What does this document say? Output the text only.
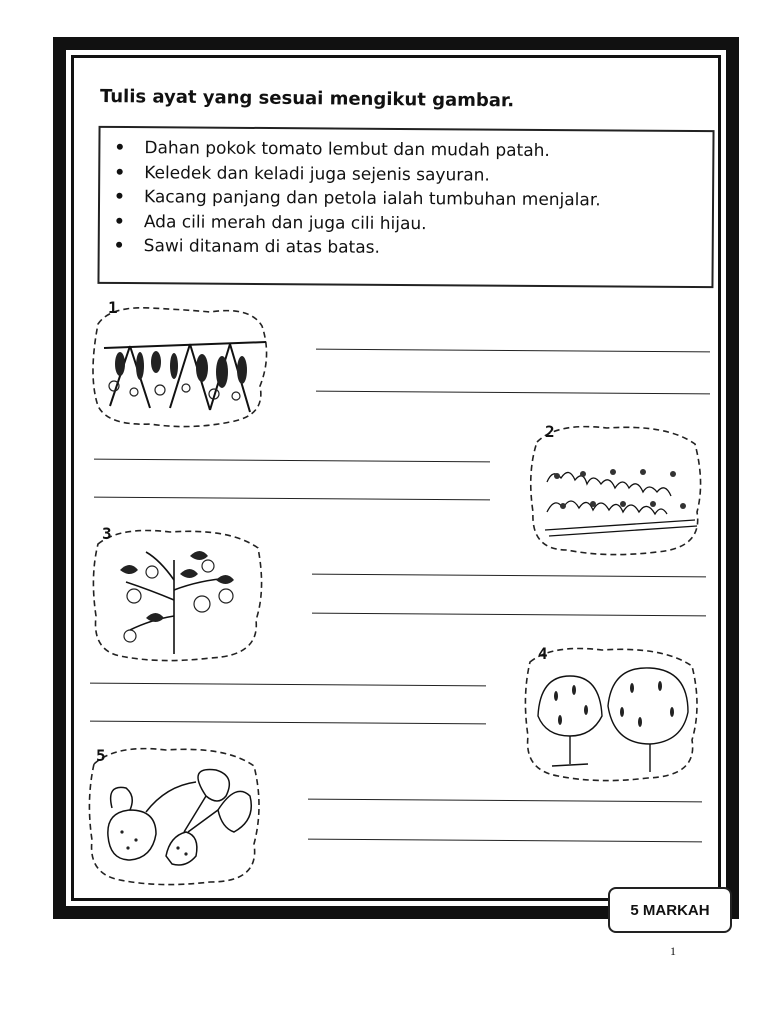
Tulis ayat yang sesuai mengikut gambar.
• Dahan pokok tomato lembut dan mudah patah.
• Keledek dan keladi juga sejenis sayuran.
• Kacang panjang dan petola ialah tumbuhan menjalar.
• Ada cili merah dan juga cili hijau.
• Sawi ditanam di atas batas.
1
2
3
4
5
5 MARKAH
1
